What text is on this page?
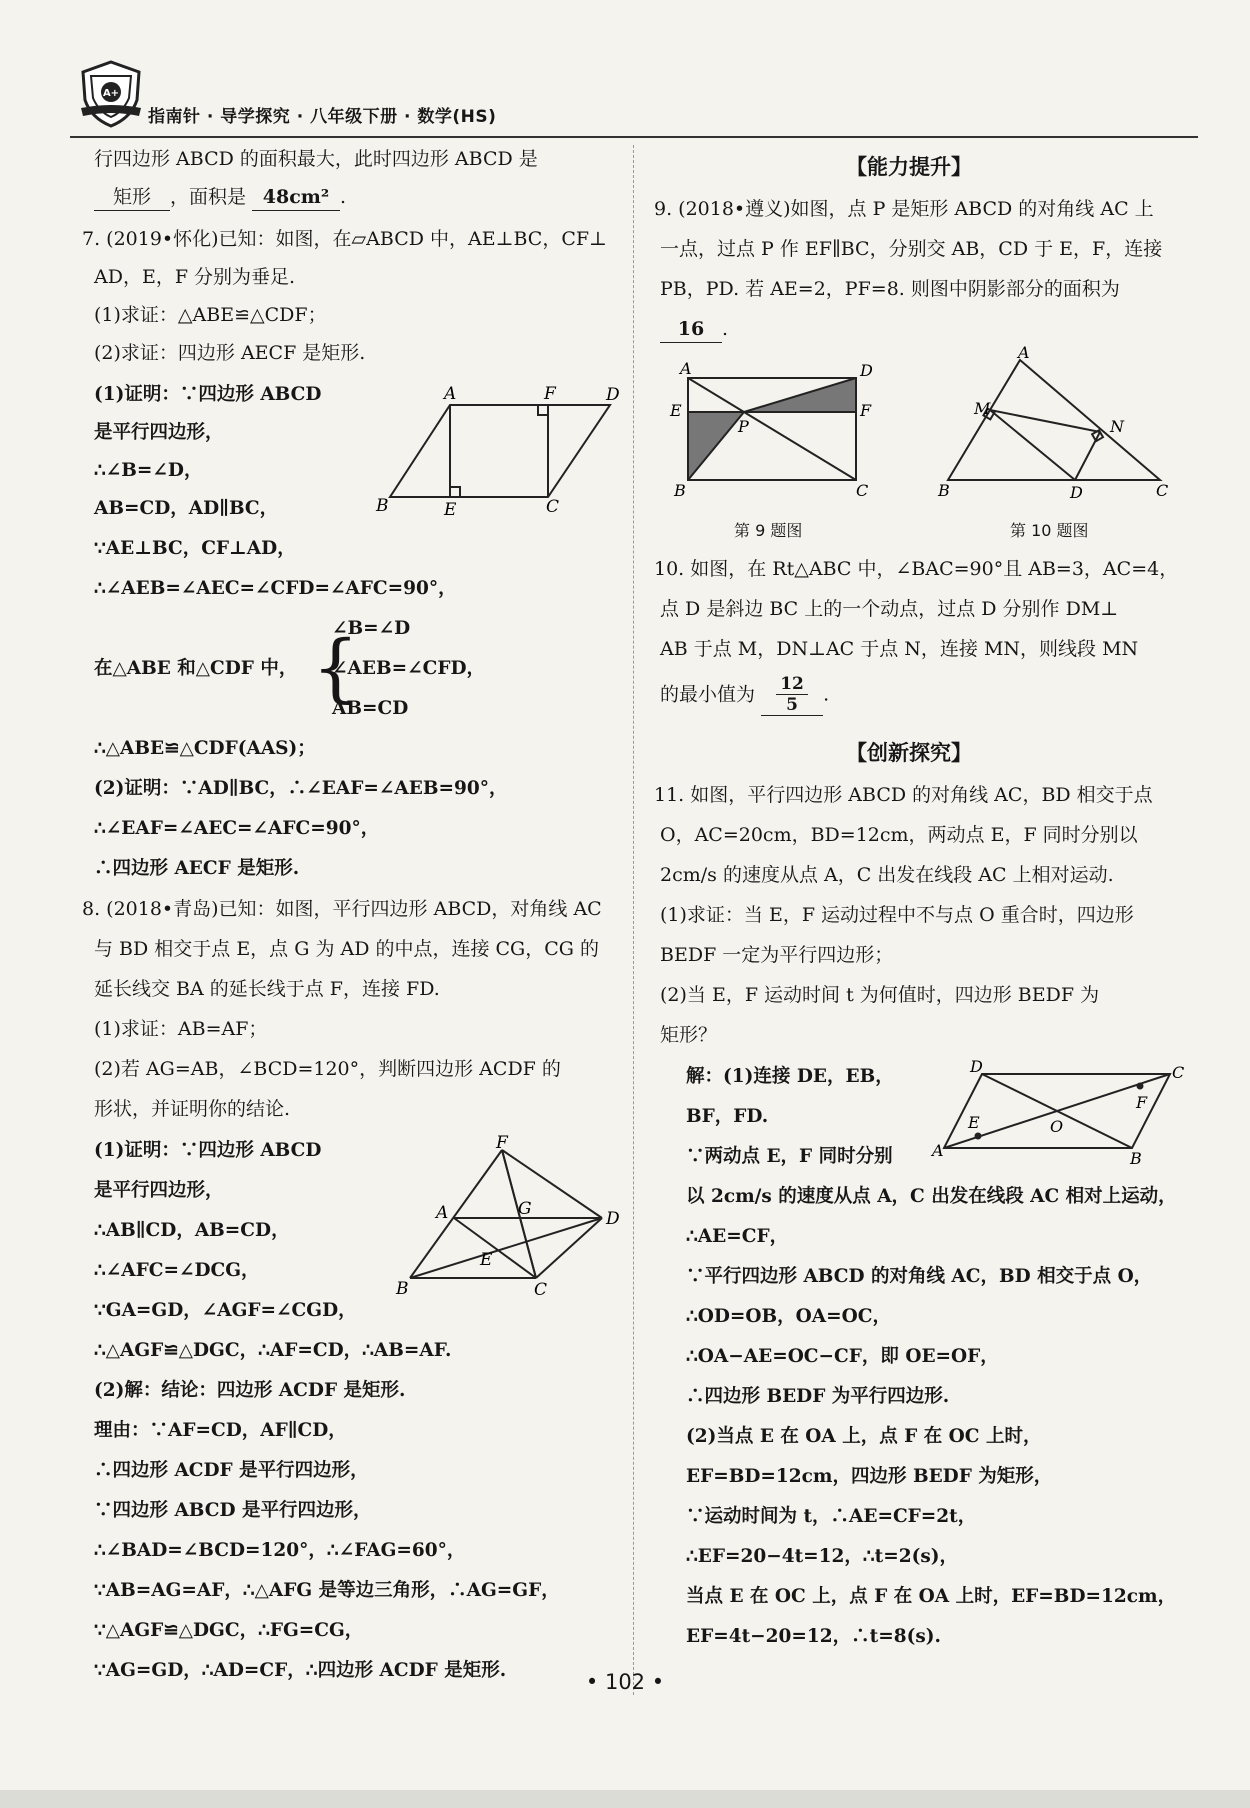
A+
指南针 · 导学探究 · 八年级下册 · 数学(HS)
行四边形 ABCD 的面积最大，此时四边形 ABCD 是
矩形 ，面积是 48cm² .
7. (2019•怀化)已知：如图，在▱ABCD 中，AE⊥BC，CF⊥
AD，E，F 分别为垂足.
(1)求证：△ABE≌△CDF；
(2)求证：四边形 AECF 是矩形.
(1)证明：∵四边形 ABCD
是平行四边形，
∴∠B=∠D，
AB=CD，AD∥BC，
∵AE⊥BC，CF⊥AD，
∴∠AEB=∠AEC=∠CFD=∠AFC=90°，
∠B=∠D
在△ABE 和△CDF 中， {
∠AEB=∠CFD，
AB=CD
∴△ABE≌△CDF(AAS)；
(2)证明：∵AD∥BC，∴∠EAF=∠AEB=90°，
∴∠EAF=∠AEC=∠AFC=90°，
∴四边形 AECF 是矩形.
8. (2018•青岛)已知：如图，平行四边形 ABCD，对角线 AC
与 BD 相交于点 E，点 G 为 AD 的中点，连接 CG，CG 的
延长线交 BA 的延长线于点 F，连接 FD.
(1)求证：AB=AF；
(2)若 AG=AB，∠BCD=120°，判断四边形 ACDF 的
形状，并证明你的结论.
(1)证明：∵四边形 ABCD
是平行四边形，
∴AB∥CD，AB=CD，
∴∠AFC=∠DCG，
∵GA=GD，∠AGF=∠CGD，
∴△AGF≌△DGC，∴AF=CD，∴AB=AF.
(2)解：结论：四边形 ACDF 是矩形.
理由：∵AF=CD，AF∥CD，
∴四边形 ACDF 是平行四边形，
∵四边形 ABCD 是平行四边形，
∴∠BAD=∠BCD=120°，∴∠FAG=60°，
∵AB=AG=AF，∴△AFG 是等边三角形，∴AG=GF，
∵△AGF≌△DGC，∴FG=CG，
∵AG=GD，∴AD=CF，∴四边形 ACDF 是矩形.
A	F	D
B	E	C
F
A	G	D
E
B	C
【能力提升】
9. (2018•遵义)如图，点 P 是矩形 ABCD 的对角线 AC 上
一点，过点 P 作 EF∥BC，分别交 AB，CD 于 E，F，连接
PB，PD. 若 AE=2，PF=8. 则图中阴影部分的面积为
16 .
第 9 题图	第 10 题图
10. 如图，在 Rt△ABC 中，∠BAC=90°且 AB=3，AC=4，
点 D 是斜边 BC 上的一个动点，过点 D 分别作 DM⊥
AB 于点 M，DN⊥AC 于点 N，连接 MN，则线段 MN
的最小值为 $\frac{12}{5}$ .
【创新探究】
11. 如图，平行四边形 ABCD 的对角线 AC，BD 相交于点
O，AC=20cm，BD=12cm，两动点 E，F 同时分别以
2cm/s 的速度从点 A，C 出发在线段 AC 上相对运动.
(1)求证：当 E，F 运动过程中不与点 O 重合时，四边形
BEDF 一定为平行四边形；
(2)当 E，F 运动时间 t 为何值时，四边形 BEDF 为
矩形？
解：(1)连接 DE，EB，
BF，FD.
∵两动点 E，F 同时分别
以 2cm/s 的速度从点 A，C 出发在线段 AC 相对上运动，
∴AE=CF，
∵平行四边形 ABCD 的对角线 AC，BD 相交于点 O，
∴OD=OB，OA=OC，
∴OA−AE=OC−CF，即 OE=OF，
∴四边形 BEDF 为平行四边形.
(2)当点 E 在 OA 上，点 F 在 OC 上时，
EF=BD=12cm，四边形 BEDF 为矩形，
∵运动时间为 t，∴AE=CF=2t，
∴EF=20−4t=12，∴t=2(s)，
当点 E 在 OC 上，点 F 在 OA 上时，EF=BD=12cm，
EF=4t−20=12，∴t=8(s).
A	D
E	F
P
B	C
A
M
N
B	D	C
D	C
F
O
E
A	B
• 102 •
